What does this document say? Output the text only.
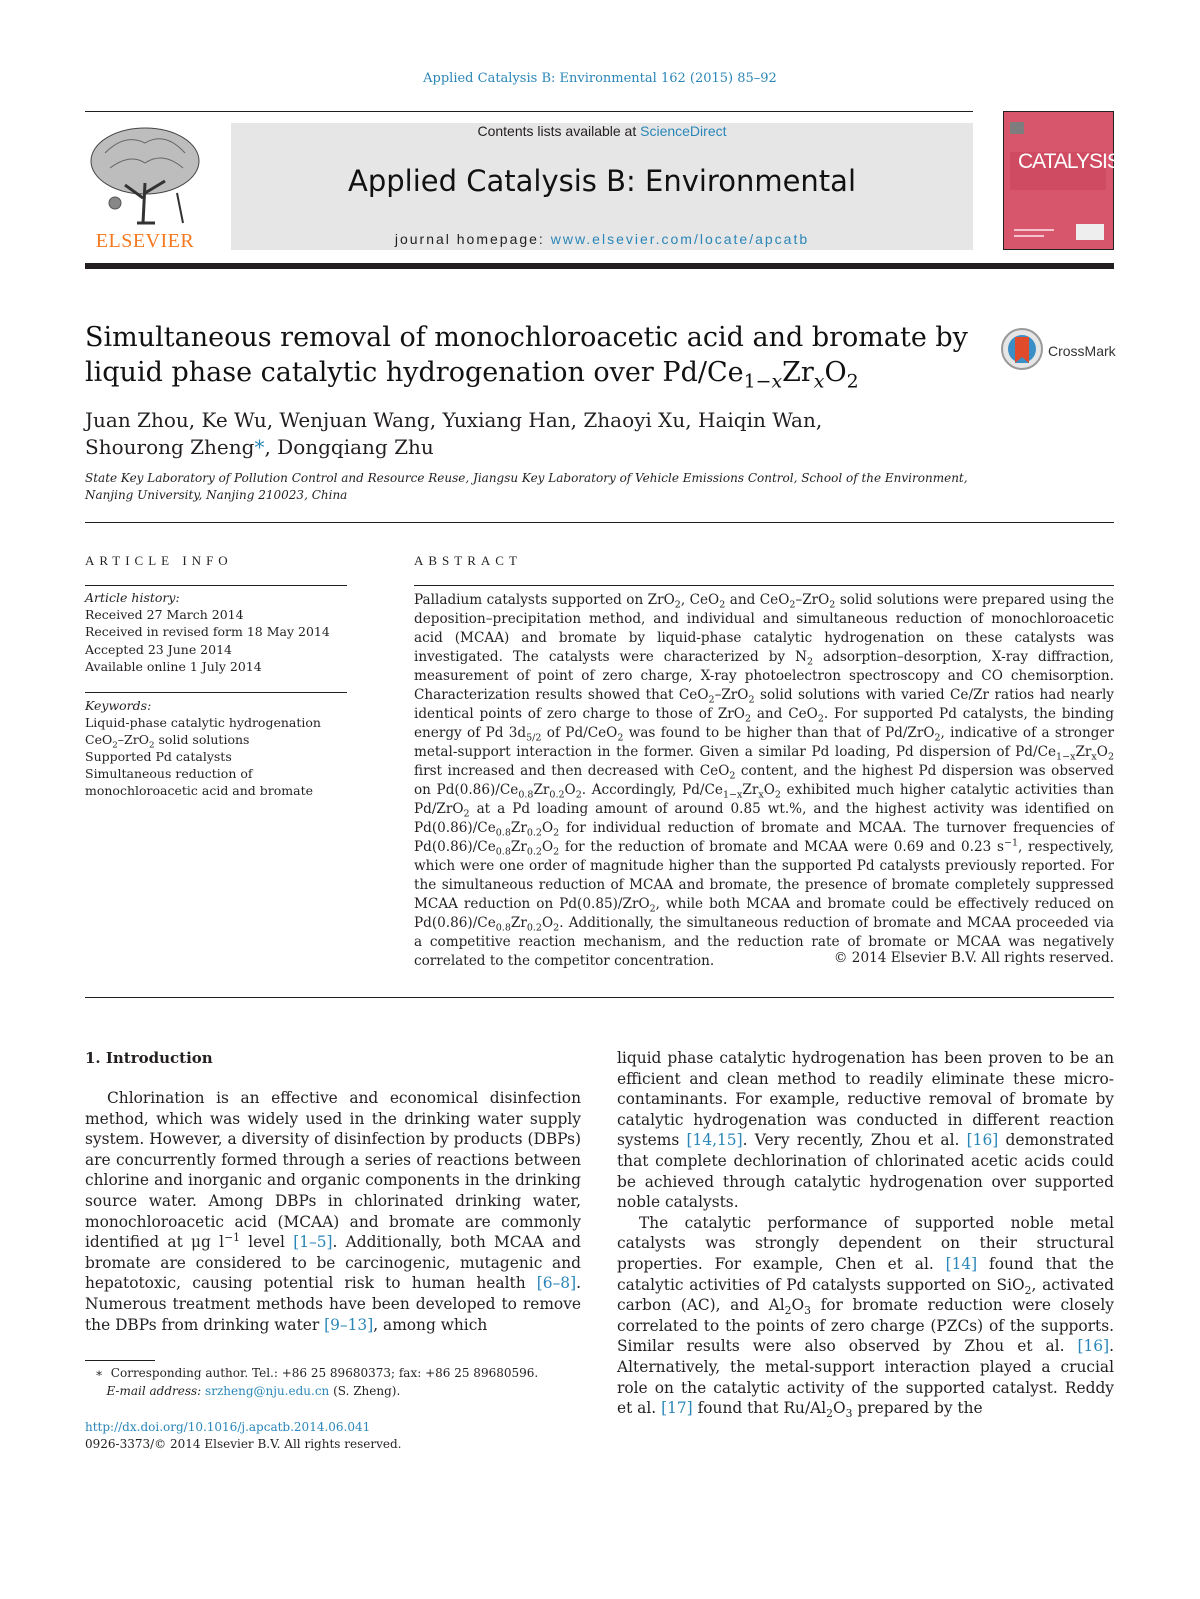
Applied Catalysis B: Environmental 162 (2015) 85–92
ELSEVIER
Contents lists available at ScienceDirect
Applied Catalysis B: Environmental
journal homepage: www.elsevier.com/locate/apcatb
CATALYSIS
Simultaneous removal of monochloroacetic acid and bromate by
liquid phase catalytic hydrogenation over $Pd/Ce_{1-x}Zr_xO_2$
CrossMark
Juan Zhou, Ke Wu, Wenjuan Wang, Yuxiang Han, Zhaoyi Xu, Haiqin Wan,
Shourong Zheng*, Dongqiang Zhu
State Key Laboratory of Pollution Control and Resource Reuse, Jiangsu Key Laboratory of Vehicle Emissions Control, School of the Environment,
Nanjing University, Nanjing 210023, China
ARTICLE INFO
Article history:
Received 27 March 2014
Received in revised form 18 May 2014
Accepted 23 June 2014
Available online 1 July 2014
Keywords:
Liquid-phase catalytic hydrogenation
CeO$_2$–ZrO$_2$ solid solutions
Supported Pd catalysts
Simultaneous reduction of
monochloroacetic acid and bromate
ABSTRACT
Palladium catalysts supported on ZrO$_2$, CeO$_2$ and CeO$_2$–ZrO$_2$ solid solutions were prepared using the deposition–precipitation method, and individual and simultaneous reduction of monochloroacetic acid (MCAA) and bromate by liquid-phase catalytic hydrogenation on these catalysts was investigated. The catalysts were characterized by $N_2$ adsorption–desorption, X-ray diffraction, measurement of point of zero charge, X-ray photoelectron spectroscopy and CO chemisorption. Characterization results showed that CeO$_2$–ZrO$_2$ solid solutions with varied Ce/Zr ratios had nearly identical points of zero charge to those of ZrO$_2$ and CeO$_2$. For supported Pd catalysts, the binding energy of Pd $3d_{5/2}$ of Pd/CeO$_2$ was found to be higher than that of Pd/ZrO$_2$, indicative of a stronger metal-support interaction in the former. Given a similar Pd loading, Pd dispersion of $Pd/Ce_{1-x}Zr_xO_2$ first increased and then decreased with CeO$_2$ content, and the highest Pd dispersion was observed on $Pd(0.86)/Ce_{0.8}Zr_{0.2}O_2$. Accordingly, $Pd/Ce_{1-x}Zr_xO_2$ exhibited much higher catalytic activities than Pd/ZrO$_2$ at a Pd loading amount of around 0.85 wt.%, and the highest activity was identified on $Pd(0.86)/Ce_{0.8}Zr_{0.2}O_2$ for individual reduction of bromate and MCAA. The turnover frequencies of $Pd(0.86)/Ce_{0.8}Zr_{0.2}O_2$ for the reduction of bromate and MCAA were 0.69 and 0.23 $s^{-1}$, respectively, which were one order of magnitude higher than the supported Pd catalysts previously reported. For the simultaneous reduction of MCAA and bromate, the presence of bromate completely suppressed MCAA reduction on Pd(0.85)/ZrO$_2$, while both MCAA and bromate could be effectively reduced on $Pd(0.86)/Ce_{0.8}Zr_{0.2}O_2$. Additionally, the simultaneous reduction of bromate and MCAA proceeded via a competitive reaction mechanism, and the reduction rate of bromate or MCAA was negatively correlated to the competitor concentration.	© 2014 Elsevier B.V. All rights reserved.
1. Introduction

Chlorination is an effective and economical disinfection method, which was widely used in the drinking water supply system. However, a diversity of disinfection by products (DBPs) are concurrently formed through a series of reactions between chlorine and inorganic and organic components in the drinking source water. Among DBPs in chlorinated drinking water, monochloroacetic acid (MCAA) and bromate are commonly identified at μg $l^{-1}$ level [1–5]. Additionally, both MCAA and bromate are considered to be carcinogenic, mutagenic and hepatotoxic, causing potential risk to human health [6–8]. Numerous treatment methods have been developed to remove the DBPs from drinking water [9–13], among which

liquid phase catalytic hydrogenation has been proven to be an efficient and clean method to readily eliminate these micro-contaminants. For example, reductive removal of bromate by catalytic hydrogenation was conducted in different reaction systems [14,15]. Very recently, Zhou et al. [16] demonstrated that complete dechlorination of chlorinated acetic acids could be achieved through catalytic hydrogenation over supported noble catalysts.

The catalytic performance of supported noble metal catalysts was strongly dependent on their structural properties. For example, Chen et al. [14] found that the catalytic activities of Pd catalysts supported on SiO$_2$, activated carbon (AC), and $Al_2O_3$ for bromate reduction were closely correlated to the points of zero charge (PZCs) of the supports. Similar results were also observed by Zhou et al. [16]. Alternatively, the metal-support interaction played a crucial role on the catalytic activity of the supported catalyst. Reddy et al. [17] found that $Ru/Al_2O_3$ prepared by the

∗  Corresponding author. Tel.: +86 25 89680373; fax: +86 25 89680596.
E-mail address: srzheng@nju.edu.cn (S. Zheng).
http://dx.doi.org/10.1016/j.apcatb.2014.06.041
0926-3373/© 2014 Elsevier B.V. All rights reserved.
